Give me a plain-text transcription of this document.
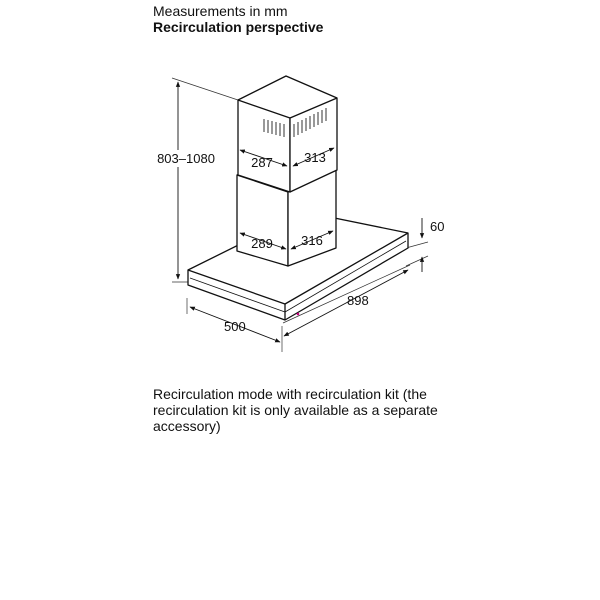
Measurements in mm
Recirculation perspective
803–1080	287 313
289 316
60
898
500
Recirculation mode with recirculation kit (the recirculation kit is only available as a separate accessory)
